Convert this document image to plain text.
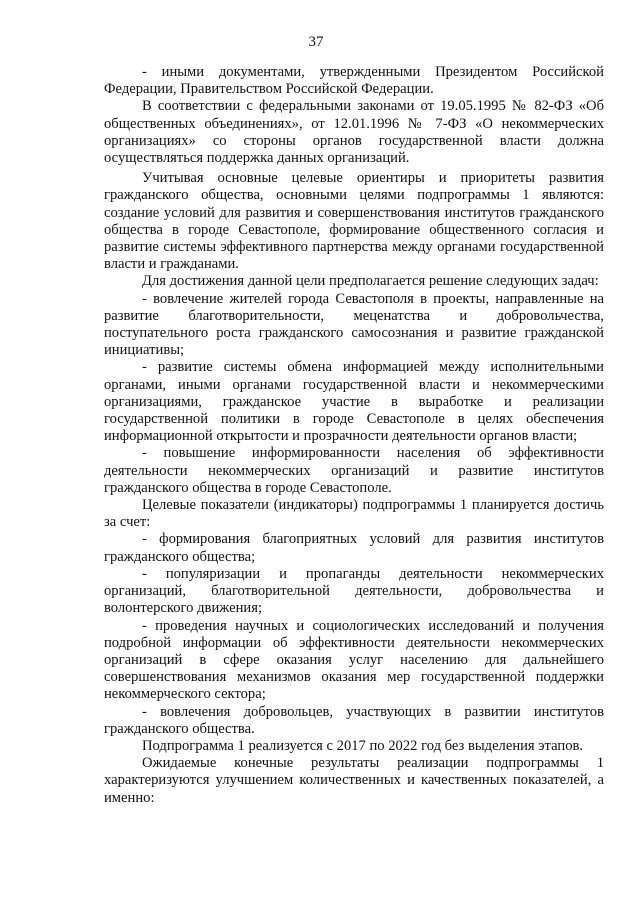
37

- иными документами, утвержденными Президентом Российской Федерации, Правительством Российской Федерации.

В соответствии с федеральными законами от 19.05.1995 № 82-ФЗ «Об общественных объединениях», от 12.01.1996 № 7-ФЗ «О некоммерческих организациях» со стороны органов государственной власти должна осуществляться поддержка данных организаций.

Учитывая основные целевые ориентиры и приоритеты развития гражданского общества, основными целями подпрограммы 1 являются: создание условий для развития и совершенствования институтов гражданского общества в городе Севастополе, формирование общественного согласия и развитие системы эффективного партнерства между органами государственной власти и гражданами.

Для достижения данной цели предполагается решение следующих задач:

- вовлечение жителей города Севастополя в проекты, направленные на развитие благотворительности, меценатства и добровольчества, поступательного роста гражданского самосознания и развитие гражданской инициативы;

- развитие системы обмена информацией между исполнительными органами, иными органами государственной власти и некоммерческими организациями, гражданское участие в выработке и реализации государственной политики в городе Севастополе в целях обеспечения информационной открытости и прозрачности деятельности органов власти;

- повышение информированности населения об эффективности деятельности некоммерческих организаций и развитие институтов гражданского общества в городе Севастополе.

Целевые показатели (индикаторы) подпрограммы 1 планируется достичь за счет:

- формирования благоприятных условий для развития институтов гражданского общества;

- популяризации и пропаганды деятельности некоммерческих организаций, благотворительной деятельности, добровольчества и волонтерского движения;

- проведения научных и социологических исследований и получения подробной информации об эффективности деятельности некоммерческих организаций в сфере оказания услуг населению для дальнейшего совершенствования механизмов оказания мер государственной поддержки некоммерческого сектора;

- вовлечения добровольцев, участвующих в развитии институтов гражданского общества.

Подпрограмма 1 реализуется с 2017 по 2022 год без выделения этапов.

Ожидаемые конечные результаты реализации подпрограммы 1 характеризуются улучшением количественных и качественных показателей, а именно:
